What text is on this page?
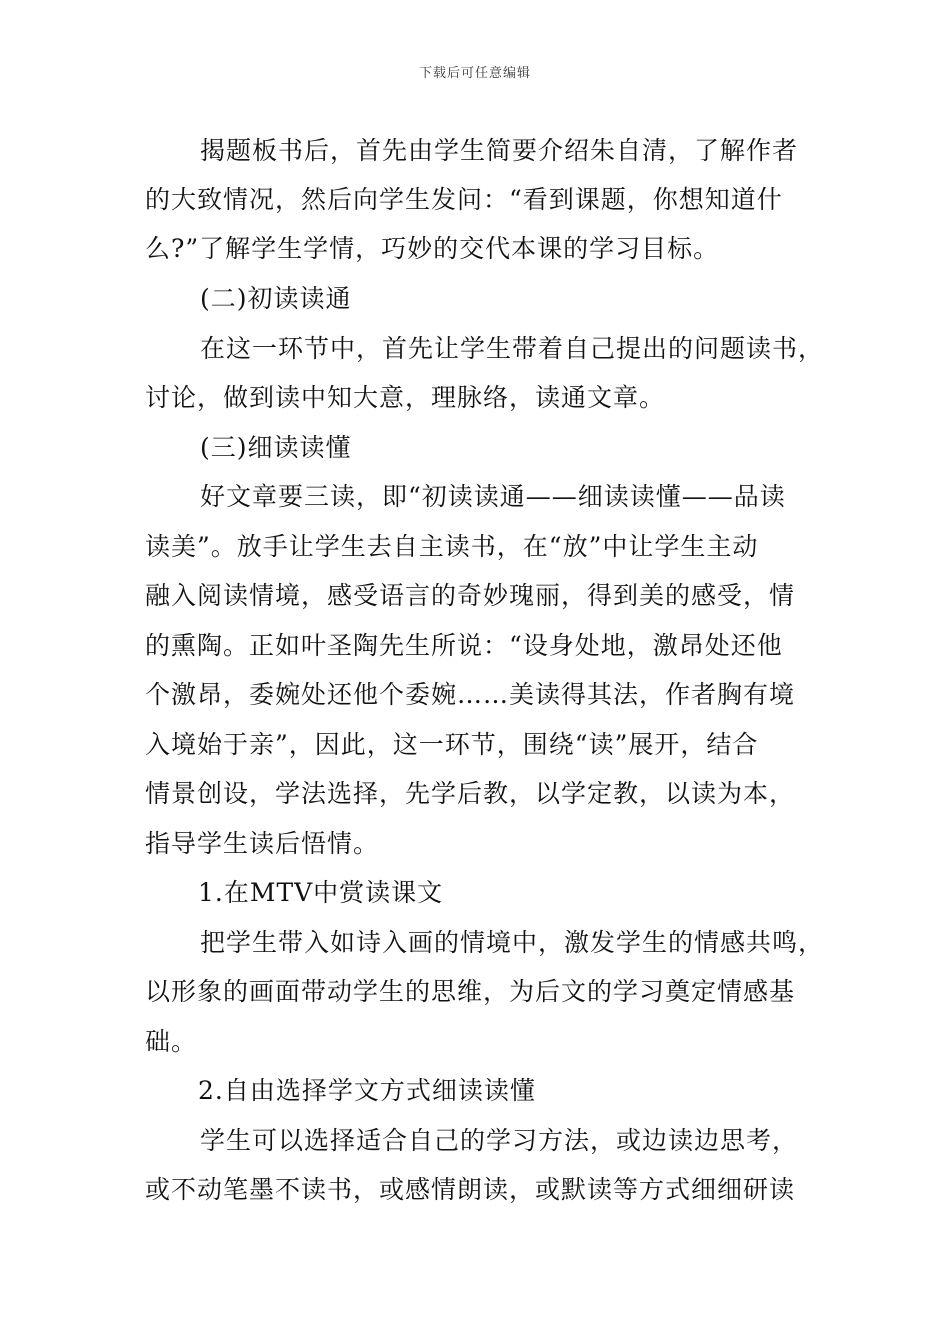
下载后可任意编辑
揭题板书后，首先由学生简要介绍朱自清，了解作者
的大致情况，然后向学生发问：“看到课题，你想知道什
么?”了解学生学情，巧妙的交代本课的学习目标。
(二)初读读通
在这一环节中，首先让学生带着自己提出的问题读书，
讨论，做到读中知大意，理脉络，读通文章。
(三)细读读懂
好文章要三读，即“初读读通——细读读懂——品读
读美”。放手让学生去自主读书，在“放”中让学生主动
融入阅读情境，感受语言的奇妙瑰丽，得到美的感受，情
的熏陶。正如叶圣陶先生所说：“设身处地，激昂处还他
个激昂，委婉处还他个委婉……美读得其法，作者胸有境
入境始于亲”，因此，这一环节，围绕“读”展开，结合
情景创设，学法选择，先学后教，以学定教，以读为本，
指导学生读后悟情。
1.在MTV中赏读课文
把学生带入如诗入画的情境中，激发学生的情感共鸣，
以形象的画面带动学生的思维，为后文的学习奠定情感基
础。
2.自由选择学文方式细读读懂
学生可以选择适合自己的学习方法，或边读边思考，
或不动笔墨不读书，或感情朗读，或默读等方式细细研读
